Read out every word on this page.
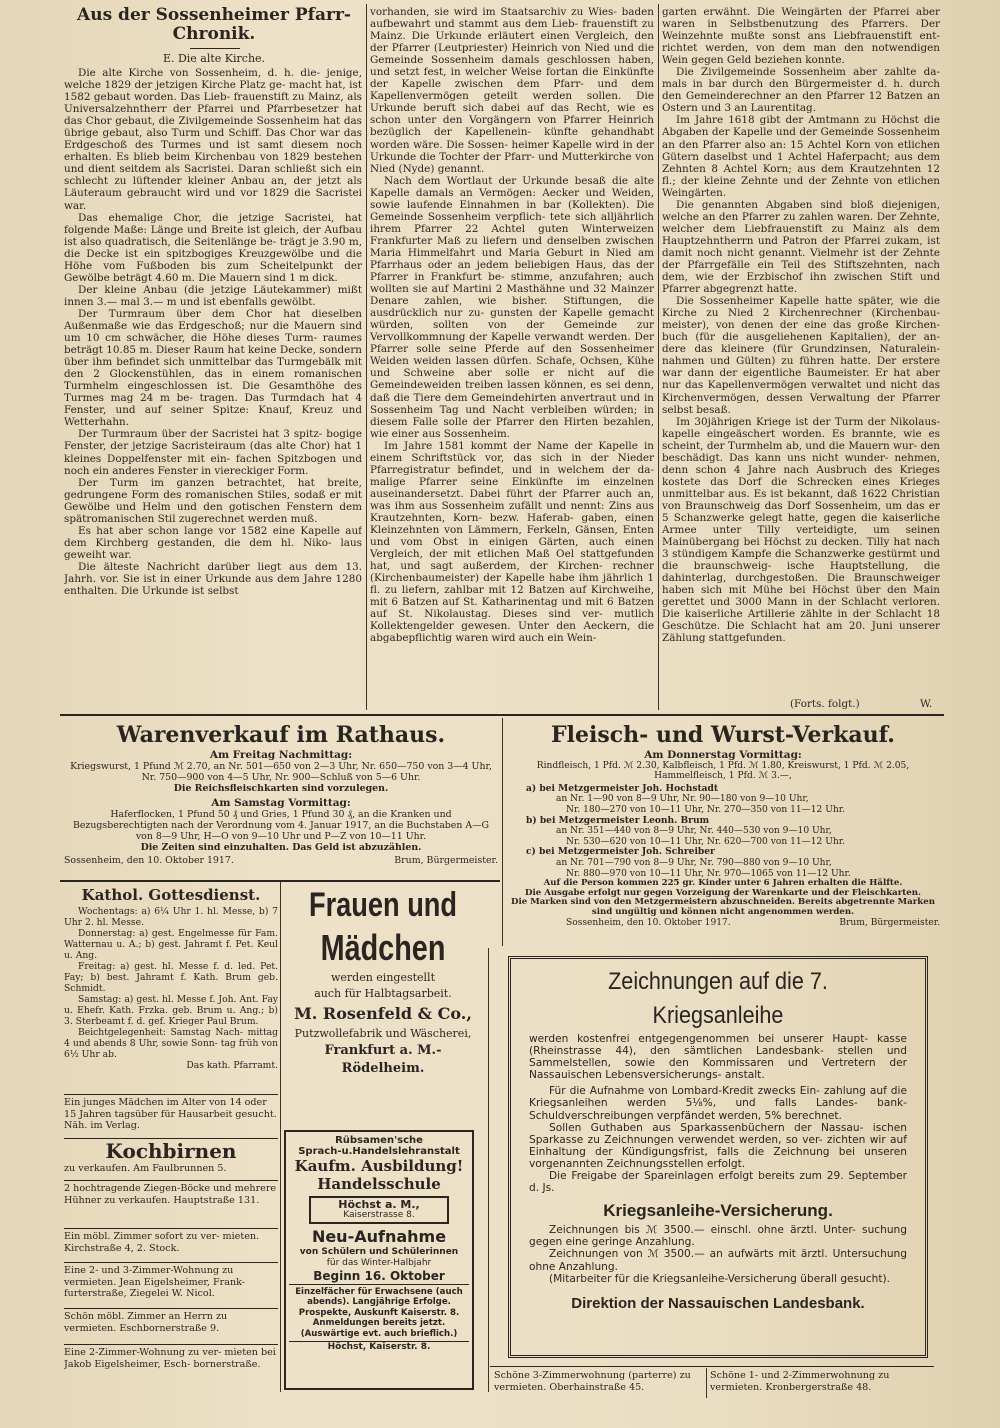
Aus der Sossenheimer Pfarr-
Chronik.
E. Die alte Kirche.

Die alte Kirche von Sossenheim, d. h. die- jenige, welche 1829 der jetzigen Kirche Platz ge- macht hat, ist 1582 gebaut worden. Das Lieb- frauenstift zu Mainz, als Universalzehntherr der Pfarrei und Pfarrbesetzer hat das Chor gebaut, die Zivilgemeinde Sossenheim hat das übrige gebaut, also Turm und Schiff. Das Chor war das Erdgeschoß des Turmes und ist samt diesem noch erhalten. Es blieb beim Kirchenbau von 1829 bestehen und dient seitdem als Sacristei. Daran schließt sich ein schlecht zu lüftender kleiner Anbau an, der jetzt als Läuteraum gebraucht wird und vor 1829 die Sacristei war.

Das ehemalige Chor, die jetzige Sacristei, hat folgende Maße: Länge und Breite ist gleich, der Aufbau ist also quadratisch, die Seitenlänge be- trägt je 3.90 m, die Decke ist ein spitzbogiges Kreuzgewölbe und die Höhe vom Fußboden bis zum Scheitelpunkt der Gewölbe beträgt 4.60 m. Die Mauern sind 1 m dick.

Der kleine Anbau (die jetzige Läutekammer) mißt innen 3.— mal 3.— m und ist ebenfalls gewölbt.

Der Turmraum über dem Chor hat dieselben Außenmaße wie das Erdgeschoß; nur die Mauern sind um 10 cm schwächer, die Höhe dieses Turm- raumes beträgt 10.85 m. Dieser Raum hat keine Decke, sondern über ihm befindet sich unmittelbar das Turmgebälk mit den 2 Glockenstühlen, das in einem romanischen Turmhelm eingeschlossen ist. Die Gesamthöhe des Turmes mag 24 m be- tragen. Das Turmdach hat 4 Fenster, und auf seiner Spitze: Knauf, Kreuz und Wetterhahn.

Der Turmraum über der Sacristei hat 3 spitz- bogige Fenster, der jetzige Sacristeiraum (das alte Chor) hat 1 kleines Doppelfenster mit ein- fachen Spitzbogen und noch ein anderes Fenster in viereckiger Form.

Der Turm im ganzen betrachtet, hat breite, gedrungene Form des romanischen Stiles, sodaß er mit Gewölbe und Helm und den gotischen Fenstern dem spätromanischen Stil zugerechnet werden muß.

Es hat aber schon lange vor 1582 eine Kapelle auf dem Kirchberg gestanden, die dem hl. Niko- laus geweiht war.

Die älteste Nachricht darüber liegt aus dem 13. Jahrh. vor. Sie ist in einer Urkunde aus dem Jahre 1280 enthalten. Die Urkunde ist selbst

vorhanden, sie wird im Staatsarchiv zu Wies- baden aufbewahrt und stammt aus dem Lieb- frauenstift zu Mainz. Die Urkunde erläutert einen Vergleich, den der Pfarrer (Leutpriester) Heinrich von Nied und die Gemeinde Sossenheim damals geschlossen haben, und setzt fest, in welcher Weise fortan die Einkünfte der Kapelle zwischen dem Pfarr- und dem Kapellenvermögen geteilt werden sollen. Die Urkunde beruft sich dabei auf das Recht, wie es schon unter den Vorgängern von Pfarrer Heinrich bezüglich der Kapellenein- künfte gehandhabt worden wäre. Die Sossen- heimer Kapelle wird in der Urkunde die Tochter der Pfarr- und Mutterkirche von Nied (Nyde) genannt.

Nach dem Wortlaut der Urkunde besaß die alte Kapelle damals an Vermögen: Aecker und Weiden, sowie laufende Einnahmen in bar (Kollekten). Die Gemeinde Sossenheim verpflich- tete sich alljährlich ihrem Pfarrer 22 Achtel guten Winterweizen Frankfurter Maß zu liefern und denselben zwischen Maria Himmelfahrt und Maria Geburt in Nied am Pfarrhaus oder an jedem beliebigen Haus, das der Pfarrer in Frankfurt be- stimme, anzufahren; auch wollten sie auf Martini 2 Masthähne und 32 Mainzer Denare zahlen, wie bisher. Stiftungen, die ausdrücklich nur zu- gunsten der Kapelle gemacht würden, sollten von der Gemeinde zur Vervollkommnung der Kapelle verwandt werden. Der Pfarrer solle seine Pferde auf den Sossenheimer Weiden weiden lassen dürfen. Schafe, Ochsen, Kühe und Schweine aber solle er nicht auf die Gemeindeweiden treiben lassen können, es sei denn, daß die Tiere dem Gemeindehirten anvertraut und in Sossenheim Tag und Nacht verbleiben würden; in diesem Falle solle der Pfarrer den Hirten bezahlen, wie einer aus Sossenheim.

Im Jahre 1581 kommt der Name der Kapelle in einem Schriftstück vor, das sich in der Nieder Pfarregistratur befindet, und in welchem der da- malige Pfarrer seine Einkünfte im einzelnen auseinandersetzt. Dabei führt der Pfarrer auch an, was ihm aus Sossenheim zufällt und nennt: Zins aus Krautzehnten, Korn- bezw. Haferab- gaben, einen Kleinzehnten von Lämmern, Ferkeln, Gänsen, Enten und vom Obst in einigen Gärten, auch einen Vergleich, der mit etlichen Maß Oel stattgefunden hat, und sagt außerdem, der Kirchen- rechner (Kirchenbaumeister) der Kapelle habe ihm jährlich 1 fl. zu liefern, zahlbar mit 12 Batzen auf Kirchweihe, mit 6 Batzen auf St. Katharinentag und mit 6 Batzen auf St. Nikolaustag. Dieses sind ver- mutlich Kollektengelder gewesen. Unter den Aeckern, die abgabepflichtig waren wird auch ein Wein-

garten erwähnt. Die Weingärten der Pfarrei aber waren in Selbstbenutzung des Pfarrers. Der Weinzehnte mußte sonst ans Liebfrauenstift ent- richtet werden, von dem man den notwendigen Wein gegen Geld beziehen konnte.

Die Zivilgemeinde Sossenheim aber zahlte da- mals in bar durch den Bürgermeister d. h. durch den Gemeinderechner an den Pfarrer 12 Batzen an Ostern und 3 an Laurentitag.

Im Jahre 1618 gibt der Amtmann zu Höchst die Abgaben der Kapelle und der Gemeinde Sossenheim an den Pfarrer also an: 15 Achtel Korn von etlichen Gütern daselbst und 1 Achtel Haferpacht; aus dem Zehnten 8 Achtel Korn; aus dem Krautzehnten 12 fl.; der kleine Zehnte und der Zehnte von etlichen Weingärten.

Die genannten Abgaben sind bloß diejenigen, welche an den Pfarrer zu zahlen waren. Der Zehnte, welcher dem Liebfrauenstift zu Mainz als dem Hauptzehntherrn und Patron der Pfarrei zukam, ist damit noch nicht genannt. Vielmehr ist der Zehnte der Pfarrgefälle ein Teil des Stiftszehnten, nach dem, wie der Erzbischof ihn zwischen Stift und Pfarrer abgegrenzt hatte.

Die Sossenheimer Kapelle hatte später, wie die Kirche zu Nied 2 Kirchenrechner (Kirchenbau- meister), von denen der eine das große Kirchen- buch (für die ausgeliehenen Kapitalien), der an- dere das kleinere (für Grundzinsen, Naturalein- nahmen und Gülten) zu führen hatte. Der erstere war dann der eigentliche Baumeister. Er hat aber nur das Kapellenvermögen verwaltet und nicht das Kirchenvermögen, dessen Verwaltung der Pfarrer selbst besaß.

Im 30jährigen Kriege ist der Turm der Nikolaus- kapelle eingeäschert worden. Es brannte, wie es scheint, der Turmhelm ab, und die Mauern wur- den beschädigt. Das kann uns nicht wunder- nehmen, denn schon 4 Jahre nach Ausbruch des Krieges kostete das Dorf die Schrecken eines Krieges unmittelbar aus. Es ist bekannt, daß 1622 Christian von Braunschweig das Dorf Sossenheim, um das er 5 Schanzwerke gelegt hatte, gegen die kaiserliche Armee unter Tilly verteidigte, um seinen Mainübergang bei Höchst zu decken. Tilly hat nach 3 stündigem Kampfe die Schanzwerke gestürmt und die braunschweig- ische Hauptstellung, die dahinterlag, durchgestoßen. Die Braunschweiger haben sich mit Mühe bei Höchst über den Main gerettet und 3000 Mann in der Schlacht verloren. Die kaiserliche Artillerie zählte in der Schlacht 18 Geschütze. Die Schlacht hat am 20. Juni unserer Zählung stattgefunden.

(Forts. folgt.)	W.
Warenverkauf im Rathaus.
Am Freitag Nachmittag:
Kriegswurst, 1 Pfund ℳ 2.70, an Nr. 501—650 von 2—3 Uhr, Nr. 650—750 von 3—4 Uhr, Nr. 750—900 von 4—5 Uhr, Nr. 900—Schluß von 5—6 Uhr.
Die Reichsfleischkarten sind vorzulegen.
Am Samstag Vormittag:
Haferflocken, 1 Pfund 50 ₰ und Gries, 1 Pfund 30 ₰, an die Kranken und Bezugsberechtigten nach der Verordnung vom 4. Januar 1917, an die Buchstaben A—G von 8—9 Uhr, H—O von 9—10 Uhr und P—Z von 10—11 Uhr.
Die Zeiten sind einzuhalten. Das Geld ist abzuzählen.
Sossenheim, den 10. Oktober 1917.	Brum, Bürgermeister.
Fleisch- und Wurst-Verkauf.
Am Donnerstag Vormittag:
Rindfleisch, 1 Pfd. ℳ 2.30, Kalbfleisch, 1 Pfd. ℳ 1.80, Kreiswurst, 1 Pfd. ℳ 2.05, Hammelfleisch, 1 Pfd. ℳ 3.—,
a) bei Metzgermeister Joh. Hochstadt
an Nr. 1—90 von 8—9 Uhr, Nr. 90—180 von 9—10 Uhr,
Nr. 180—270 von 10—11 Uhr, Nr. 270—350 von 11—12 Uhr.
b) bei Metzgermeister Leonh. Brum
an Nr. 351—440 von 8—9 Uhr, Nr. 440—530 von 9—10 Uhr,
Nr. 530—620 von 10—11 Uhr, Nr. 620—700 von 11—12 Uhr.
c) bei Metzgermeister Joh. Schreiber
an Nr. 701—790 von 8—9 Uhr, Nr. 790—880 von 9—10 Uhr,
Nr. 880—970 von 10—11 Uhr, Nr. 970—1065 von 11—12 Uhr.
Auf die Person kommen 225 gr. Kinder unter 6 Jahren erhalten die Hälfte.
Die Ausgabe erfolgt nur gegen Vorzeigung der Warenkarte und der Fleischkarten.
Die Marken sind von den Metzgermeistern abzuschneiden. Bereits abgetrennte Marken sind ungültig und können nicht angenommen werden.
Sossenheim, den 10. Oktober 1917.	Brum, Bürgermeister.
Kathol. Gottesdienst.
Wochentags: a) 6¼ Uhr 1. hl. Messe, b) 7 Uhr 2. hl. Messe.
Donnerstag: a) gest. Engelmesse für Fam. Watternau u. A.; b) gest. Jahramt f. Pet. Keul u. Ang.
Freitag: a) gest. hl. Messe f. d. led. Pet. Fay; b) best. Jahramt f. Kath. Brum geb. Schmidt.
Samstag: a) gest. hl. Messe f. Joh. Ant. Fay u. Ehefr. Kath. Frzka. geb. Brum u. Ang.; b) 3. Sterbeamt f. d. gef. Krieger Paul Brum.
Beichtgelegenheit: Samstag Nach- mittag 4 und abends 8 Uhr, sowie Sonn- tag früh von 6½ Uhr ab.
Das kath. Pfarramt.
Ein junges Mädchen im Alter von 14 oder 15 Jahren tagsüber für Hausarbeit gesucht. Näh. im Verlag.
Kochbirnen
zu verkaufen. Am Faulbrunnen 5.
2 hochtragende Ziegen-Böcke und mehrere Hühner zu verkaufen. Hauptstraße 131.
Ein möbl. Zimmer sofort zu ver- mieten. Kirchstraße 4, 2. Stock.
Eine 2- und 3-Zimmer-Wohnung zu vermieten. Jean Eigelsheimer, Frank- furterstraße, Ziegelei W. Nicol.
Schön möbl. Zimmer an Herrn zu vermieten. Eschbornerstraße 9.
Eine 2-Zimmer-Wohnung zu ver- mieten bei Jakob Eigelsheimer, Esch- bornerstraße.
Frauen und
Mädchen
werden eingestellt
auch für Halbtagsarbeit.
M. Rosenfeld & Co.,
Putzwollefabrik und Wäscherei,
Frankfurt a. M.-
Rödelheim.
Rübsamen'sche
Sprach-u.Handelslehranstalt
Kaufm. Ausbildung!
Handelsschule
Höchst a. M.,
Kaiserstrasse 8.
Neu-Aufnahme
von Schülern und Schülerinnen
für das Winter-Halbjahr
Beginn 16. Oktober
Einzelfächer für Erwachsene (auch abends). Langjährige Erfolge. Prospekte, Auskunft Kaiserstr. 8. Anmeldungen bereits jetzt. (Auswärtige evt. auch brieflich.)
Höchst, Kaiserstr. 8.
Zeichnungen auf die 7. Kriegsanleihe
werden kostenfrei entgegengenommen bei unserer Haupt- kasse (Rheinstrasse 44), den sämtlichen Landesbank- stellen und Sammelstellen, sowie den Kommissaren und Vertretern der Nassauischen Lebensversicherungs- anstalt.
Für die Aufnahme von Lombard-Kredit zwecks Ein- zahlung auf die Kriegsanleihen werden 5⅛%, und falls Landes- bank-Schuldverschreibungen verpfändet werden, 5% berechnet.
Sollen Guthaben aus Sparkassenbüchern der Nassau- ischen Sparkasse zu Zeichnungen verwendet werden, so ver- zichten wir auf Einhaltung der Kündigungsfrist, falls die Zeichnung bei unseren vorgenannten Zeichnungsstellen erfolgt.
Die Freigabe der Spareinlagen erfolgt bereits zum 29. September d. Js.
Kriegsanleihe-Versicherung.
Zeichnungen bis ℳ 3500.— einschl. ohne ärztl. Unter- suchung gegen eine geringe Anzahlung.
Zeichnungen von ℳ 3500.— an aufwärts mit ärztl. Untersuchung ohne Anzahlung.
(Mitarbeiter für die Kriegsanleihe-Versicherung überall gesucht).
Direktion der Nassauischen Landesbank.
Schöne 3-Zimmerwohnung (parterre) zu vermieten. Oberhainstraße 45.
Schöne 1- und 2-Zimmerwohnung zu vermieten. Kronbergerstraße 48.
